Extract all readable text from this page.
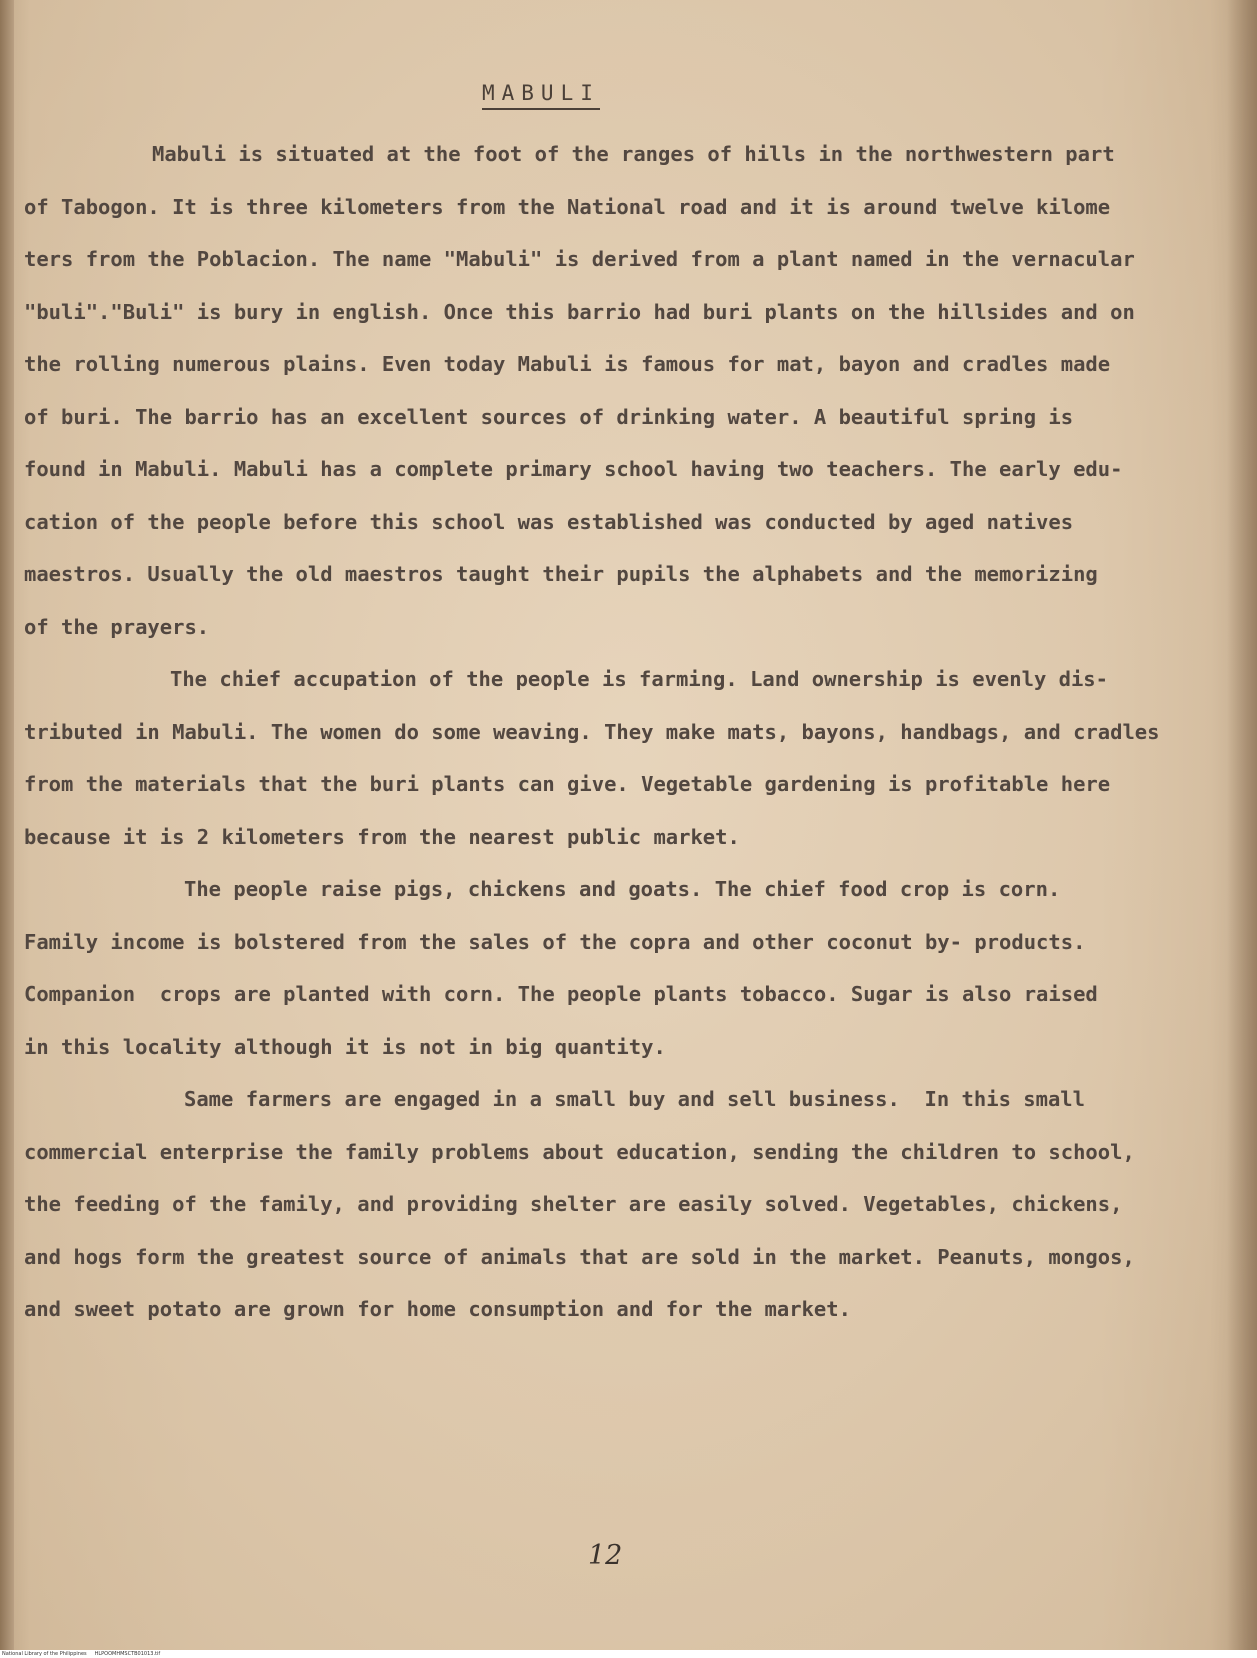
MABULI
Mabuli is situated at the foot of the ranges of hills in the northwestern part
of Tabogon. It is three kilometers from the National road and it is around twelve kilome
ters from the Poblacion. The name "Mabuli" is derived from a plant named in the vernacular
"buli"."Buli" is bury in english. Once this barrio had buri plants on the hillsides and on
the rolling numerous plains. Even today Mabuli is famous for mat, bayon and cradles made
of buri. The barrio has an excellent sources of drinking water. A beautiful spring is
found in Mabuli. Mabuli has a complete primary school having two teachers. The early edu-
cation of the people before this school was established was conducted by aged natives
maestros. Usually the old maestros taught their pupils the alphabets and the memorizing
of the prayers.
The chief accupation of the people is farming. Land ownership is evenly dis-
tributed in Mabuli. The women do some weaving. They make mats, bayons, handbags, and cradles
from the materials that the buri plants can give. Vegetable gardening is profitable here
because it is 2 kilometers from the nearest public market.
The people raise pigs, chickens and goats. The chief food crop is corn.
Family income is bolstered from the sales of the copra and other coconut by- products.
Companion  crops are planted with corn. The people plants tobacco. Sugar is also raised
in this locality although it is not in big quantity.
Same farmers are engaged in a small buy and sell business.  In this small
commercial enterprise the family problems about education, sending the children to school,
the feeding of the family, and providing shelter are easily solved. Vegetables, chickens,
and hogs form the greatest source of animals that are sold in the market. Peanuts, mongos,
and sweet potato are grown for home consumption and for the market.
12
National Library of the Philippines     HLPOOMHMSCTB01013.tif
